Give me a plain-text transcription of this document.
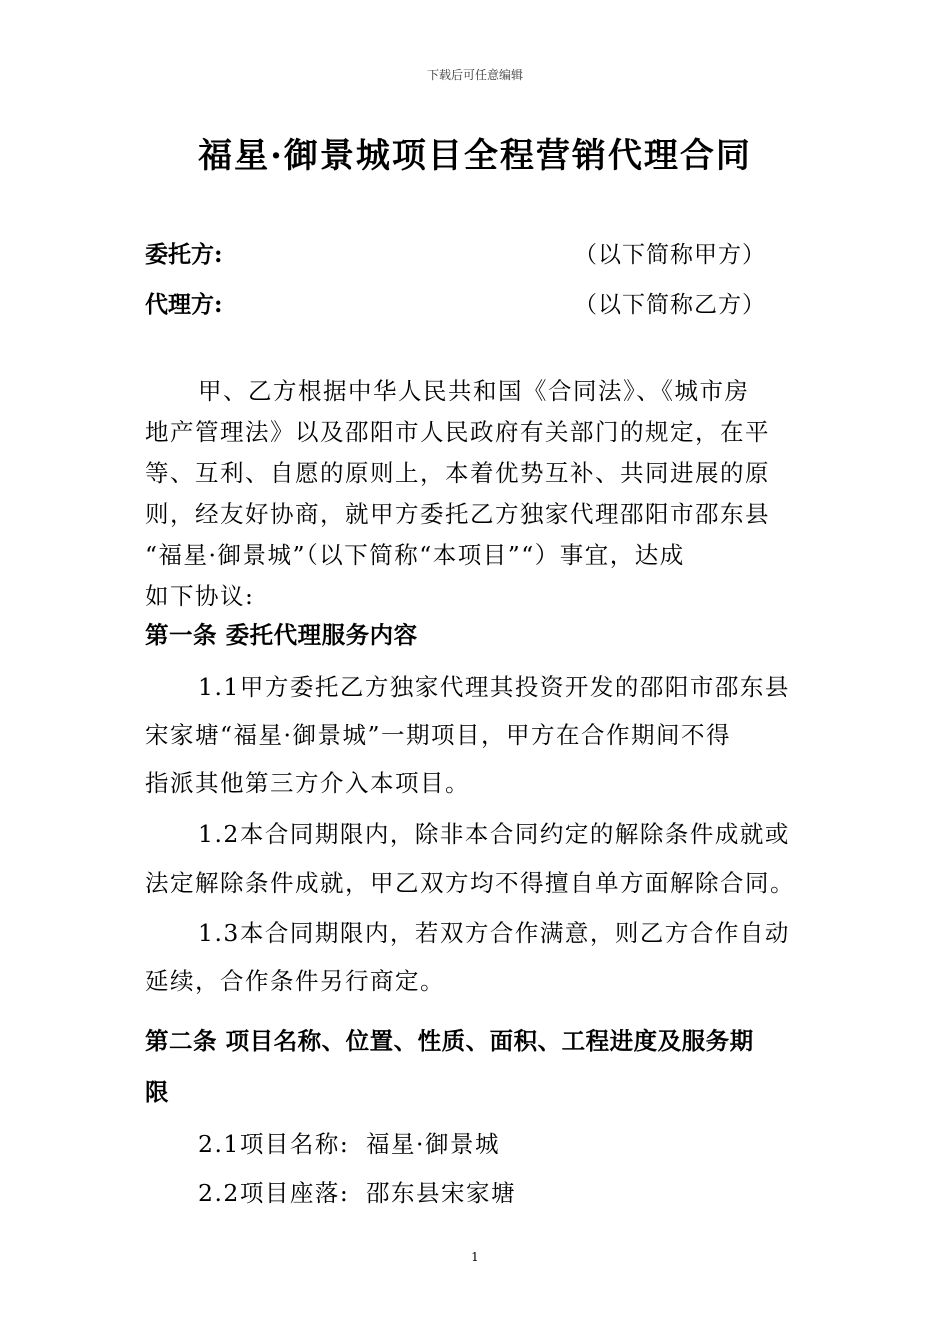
下载后可任意编辑
福星·御景城项目全程营销代理合同
委托方:	（以下简称甲方）
代理方:	（以下简称乙方）
甲、乙方根据中华人民共和国《合同法》、《城市房
地产管理法》以及邵阳市人民政府有关部门的规定，在平
等、互利、自愿的原则上，本着优势互补、共同进展的原
则，经友好协商，就甲方委托乙方独家代理邵阳市邵东县
“福星·御景城”（以下简称“本项目”“）事宜，达成
如下协议:
第一条 委托代理服务内容
1.1甲方委托乙方独家代理其投资开发的邵阳市邵东县
宋家塘“福星·御景城”一期项目，甲方在合作期间不得
指派其他第三方介入本项目。
1.2本合同期限内，除非本合同约定的解除条件成就或
法定解除条件成就，甲乙双方均不得擅自单方面解除合同。
1.3本合同期限内，若双方合作满意，则乙方合作自动
延续，合作条件另行商定。
第二条 项目名称、位置、性质、面积、工程进度及服务期
限
2.1项目名称: 福星·御景城
2.2项目座落: 邵东县宋家塘
1
